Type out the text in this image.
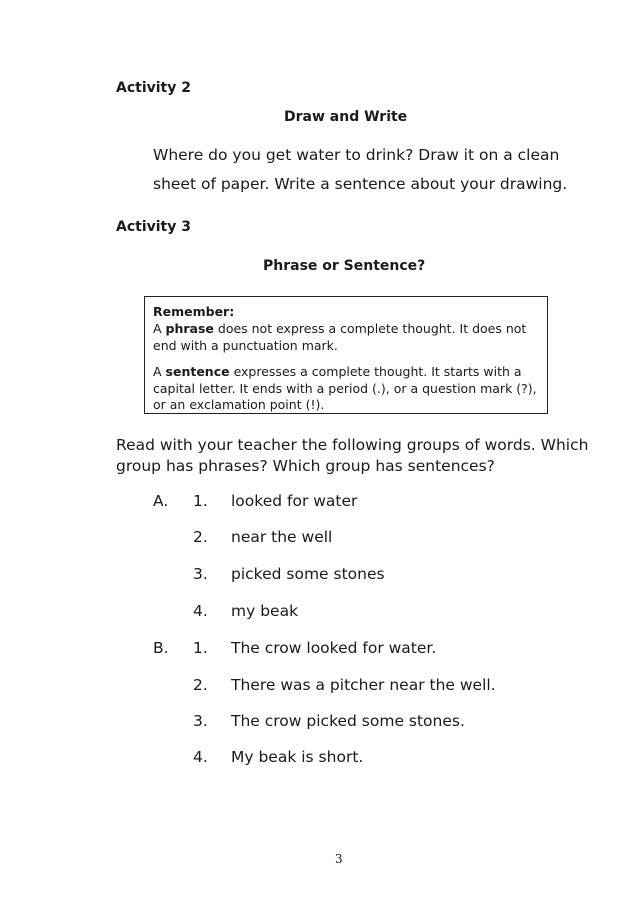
Activity 2
Draw and Write
Where do you get water to drink? Draw it on a clean
sheet of paper. Write a sentence about your drawing.
Activity 3
Phrase or Sentence?
Remember:
A phrase does not express a complete thought. It does not
end with a punctuation mark.
A sentence expresses a complete thought. It starts with a
capital letter. It ends with a period (.), or a question mark (?),
or an exclamation point (!).
Read with your teacher the following groups of words. Which
group has phrases? Which group has sentences?
A. 1. looked for water
2. near the well
3. picked some stones
4. my beak
B. 1. The crow looked for water.
2. There was a pitcher near the well.
3. The crow picked some stones.
4. My beak is short.
3
